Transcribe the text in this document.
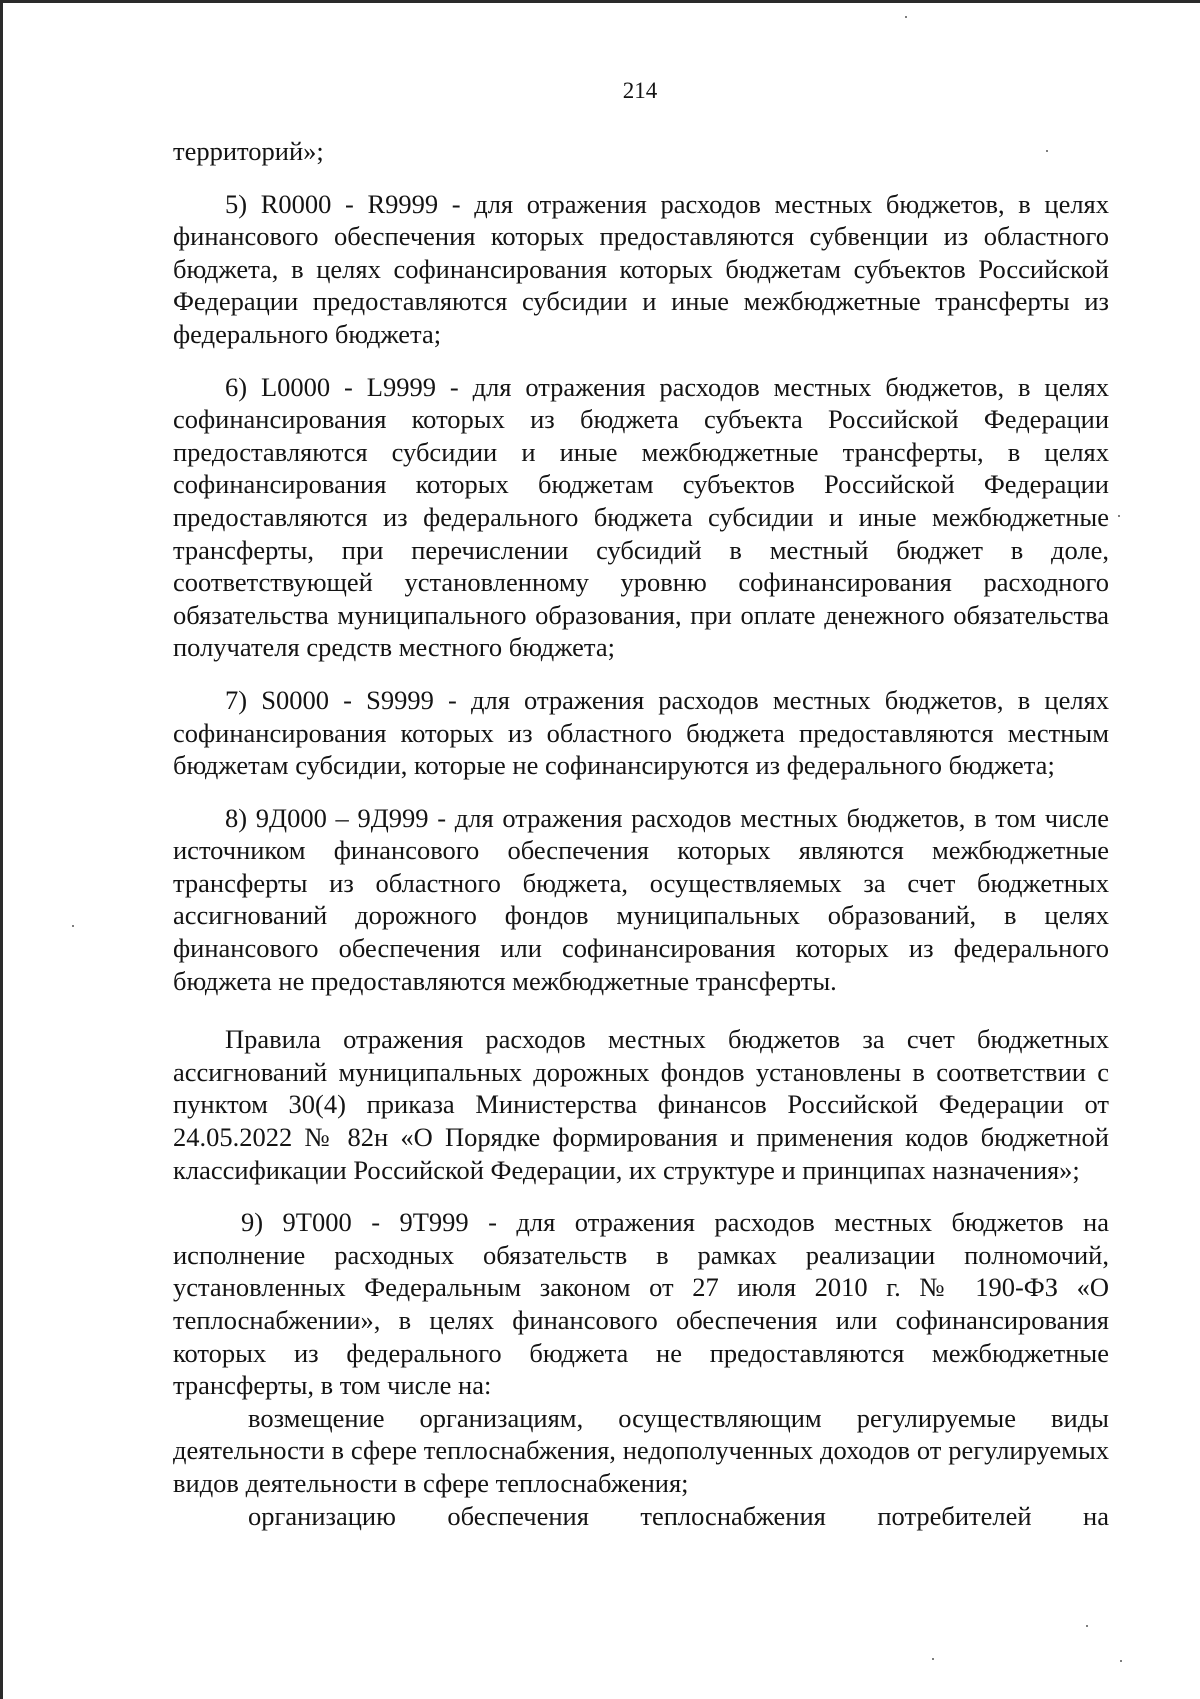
214

территорий»;

5) R0000 - R9999 - для отражения расходов местных бюджетов, в целях финансового обеспечения которых предоставляются субвенции из областного бюджета, в целях софинансирования которых бюджетам субъектов Российской Федерации предоставляются субсидии и иные межбюджетные трансферты из федерального бюджета;

6) L0000 - L9999 - для отражения расходов местных бюджетов, в целях софинансирования которых из бюджета субъекта Российской Федерации предоставляются субсидии и иные межбюджетные трансферты, в целях софинансирования которых бюджетам субъектов Российской Федерации предоставляются из федерального бюджета субсидии и иные межбюджетные трансферты, при перечислении субсидий в местный бюджет в доле, соответствующей установленному уровню софинансирования расходного обязательства муниципального образования, при оплате денежного обязательства получателя средств местного бюджета;

7) S0000 - S9999 - для отражения расходов местных бюджетов, в целях софинансирования которых из областного бюджета предоставляются местным бюджетам субсидии, которые не софинансируются из федерального бюджета;

8) 9Д000 – 9Д999 - для отражения расходов местных бюджетов, в том числе источником финансового обеспечения которых являются межбюджетные трансферты из областного бюджета, осуществляемых за счет бюджетных ассигнований дорожного фондов муниципальных образований, в целях финансового обеспечения или софинансирования которых из федерального бюджета не предоставляются межбюджетные трансферты.

Правила отражения расходов местных бюджетов за счет бюджетных ассигнований муниципальных дорожных фондов установлены в соответствии с пунктом 30(4) приказа Министерства финансов Российской Федерации от 24.05.2022 № 82н «О Порядке формирования и применения кодов бюджетной классификации Российской Федерации, их структуре и принципах назначения»;

9) 9Т000 - 9Т999 - для отражения расходов местных бюджетов на исполнение расходных обязательств в рамках реализации полномочий, установленных Федеральным законом от 27 июля 2010 г. № 190-ФЗ «О теплоснабжении», в целях финансового обеспечения или софинансирования которых из федерального бюджета не предоставляются межбюджетные трансферты, в том числе на:

возмещение организациям, осуществляющим регулируемые виды деятельности в сфере теплоснабжения, недополученных доходов от регулируемых видов деятельности в сфере теплоснабжения;

организацию обеспечения теплоснабжения потребителей на
